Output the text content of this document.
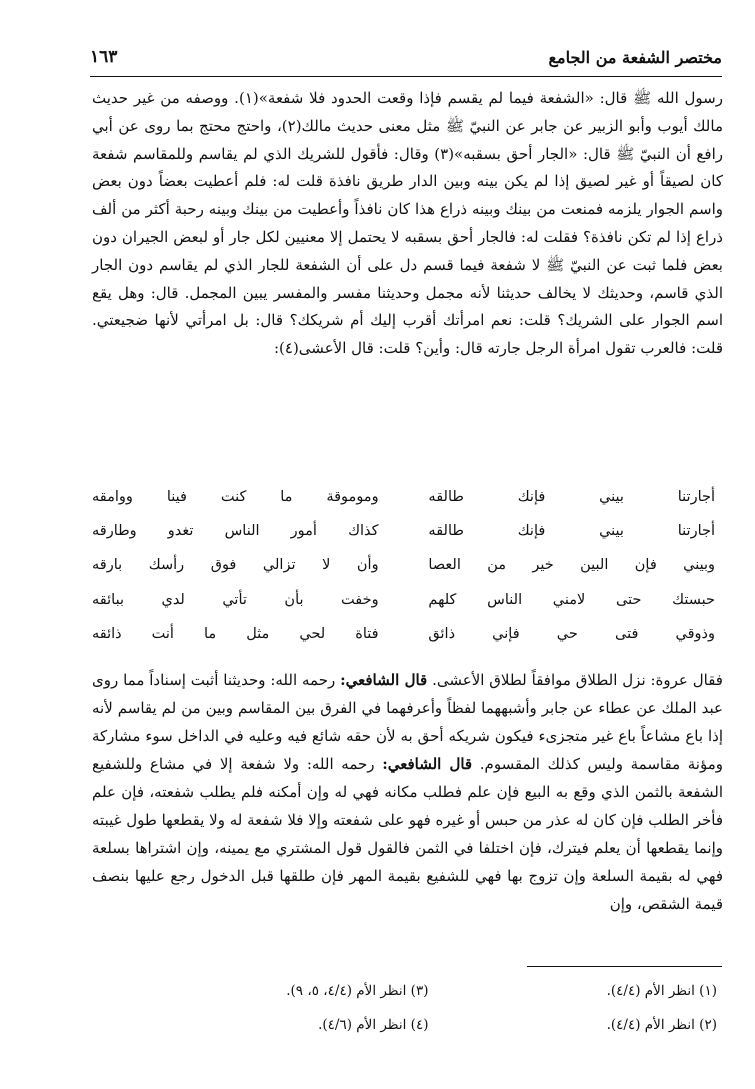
مختصر الشفعة من الجامع
١٦٣

رسول الله ﷺ قال: «الشفعة فيما لم يقسم فإذا وقعت الحدود فلا شفعة»(١). ووصفه من غير حديث مالك أيوب وأبو الزبير عن جابر عن النبيّ ﷺ مثل معنى حديث مالك(٢)، واحتج محتج بما روى عن أبي رافع أن النبيّ ﷺ قال: «الجار أحق بسقبه»(٣) وقال: فأقول للشريك الذي لم يقاسم وللمقاسم شفعة كان لصيقاً أو غير لصيق إذا لم يكن بينه وبين الدار طريق نافذة قلت له: فلم أعطيت بعضاً دون بعض واسم الجوار يلزمه فمنعت من بينك وبينه ذراع هذا كان نافذاً وأعطيت من بينك وبينه رحبة أكثر من ألف ذراع إذا لم تكن نافذة؟ فقلت له: فالجار أحق بسقبه لا يحتمل إلا معنيين لكل جار أو لبعض الجيران دون بعض فلما ثبت عن النبيّ ﷺ لا شفعة فيما قسم دل على أن الشفعة للجار الذي لم يقاسم دون الجار الذي قاسم، وحديثك لا يخالف حديثنا لأنه مجمل وحديثنا مفسر والمفسر يبين المجمل. قال: وهل يقع اسم الجوار على الشريك؟ قلت: نعم امرأتك أقرب إليك أم شريكك؟ قال: بل امرأتي لأنها ضجيعتي. قلت: فالعرب تقول امرأة الرجل جارته قال: وأين؟ قلت: قال الأعشى(٤):

أجارتنا بيني فإنك طالقه
وموموقة ما كنت فينا ووامقه
أجارتنا بيني فإنك طالقه
كذاك أمور الناس تغدو وطارقه
وبيني فإن البين خير من العصا
وأن لا تزالي فوق رأسك بارقه
حبستك حتى لامني الناس كلهم
وخفت بأن تأتي لدي ببائقه
وذوقي فتى حي فإني ذائق
فتاة لحي مثل ما أنت ذائقه

فقال عروة: نزل الطلاق موافقاً لطلاق الأعشى. قال الشافعي: رحمه الله: وحديثنا أثبت إسناداً مما روى عبد الملك عن عطاء عن جابر وأشبههما لفظاً وأعرفهما في الفرق بين المقاسم وبين من لم يقاسم لأنه إذا باع مشاعاً باع غير متجزىء فيكون شريكه أحق به لأن حقه شائع فيه وعليه في الداخل سوء مشاركة ومؤنة مقاسمة وليس كذلك المقسوم. قال الشافعي: رحمه الله: ولا شفعة إلا في مشاع وللشفيع الشفعة بالثمن الذي وقع به البيع فإن علم فطلب مكانه فهي له وإن أمكنه فلم يطلب شفعته، فإن علم فأخر الطلب فإن كان له عذر من حبس أو غيره فهو على شفعته وإلا فلا شفعة له ولا يقطعها طول غيبته وإنما يقطعها أن يعلم فيترك، فإن اختلفا في الثمن فالقول قول المشتري مع يمينه، وإن اشتراها بسلعة فهي له بقيمة السلعة وإن تزوج بها فهي للشفيع بقيمة المهر فإن طلقها قبل الدخول رجع عليها بنصف قيمة الشقص، وإن

(١) انظر الأم (٤/٤).
(٣) انظر الأم (٤/٤، ٥، ٩).
(٢) انظر الأم (٤/٤).
(٤) انظر الأم (٤/٦).
